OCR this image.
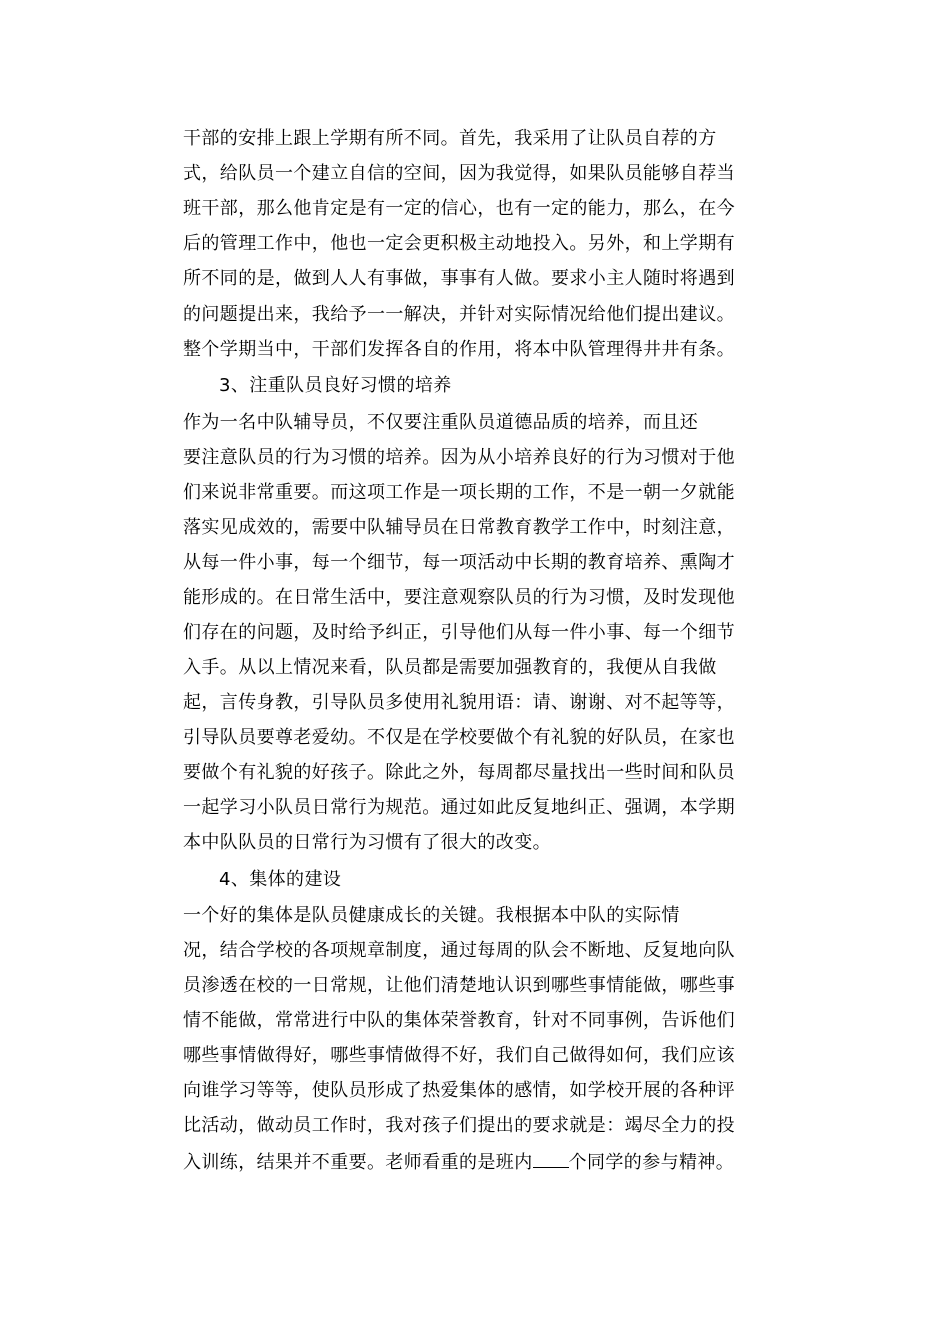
干部的安排上跟上学期有所不同。首先，我采用了让队员自荐的方
式，给队员一个建立自信的空间，因为我觉得，如果队员能够自荐当
班干部，那么他肯定是有一定的信心，也有一定的能力，那么，在今
后的管理工作中，他也一定会更积极主动地投入。另外，和上学期有
所不同的是，做到人人有事做，事事有人做。要求小主人随时将遇到
的问题提出来，我给予一一解决，并针对实际情况给他们提出建议。
整个学期当中，干部们发挥各自的作用，将本中队管理得井井有条。
3、注重队员良好习惯的培养
作为一名中队辅导员，不仅要注重队员道德品质的培养，而且还
要注意队员的行为习惯的培养。因为从小培养良好的行为习惯对于他
们来说非常重要。而这项工作是一项长期的工作，不是一朝一夕就能
落实见成效的，需要中队辅导员在日常教育教学工作中，时刻注意，
从每一件小事，每一个细节，每一项活动中长期的教育培养、熏陶才
能形成的。在日常生活中，要注意观察队员的行为习惯，及时发现他
们存在的问题，及时给予纠正，引导他们从每一件小事、每一个细节
入手。从以上情况来看，队员都是需要加强教育的，我便从自我做
起，言传身教，引导队员多使用礼貌用语：请、谢谢、对不起等等，
引导队员要尊老爱幼。不仅是在学校要做个有礼貌的好队员，在家也
要做个有礼貌的好孩子。除此之外，每周都尽量找出一些时间和队员
一起学习小队员日常行为规范。通过如此反复地纠正、强调，本学期
本中队队员的日常行为习惯有了很大的改变。
4、集体的建设
一个好的集体是队员健康成长的关键。我根据本中队的实际情
况，结合学校的各项规章制度，通过每周的队会不断地、反复地向队
员渗透在校的一日常规，让他们清楚地认识到哪些事情能做，哪些事
情不能做，常常进行中队的集体荣誉教育，针对不同事例，告诉他们
哪些事情做得好，哪些事情做得不好，我们自己做得如何，我们应该
向谁学习等等，使队员形成了热爱集体的感情，如学校开展的各种评
比活动，做动员工作时，我对孩子们提出的要求就是：竭尽全力的投
入训练，结果并不重要。老师看重的是班内 个同学的参与精神。
